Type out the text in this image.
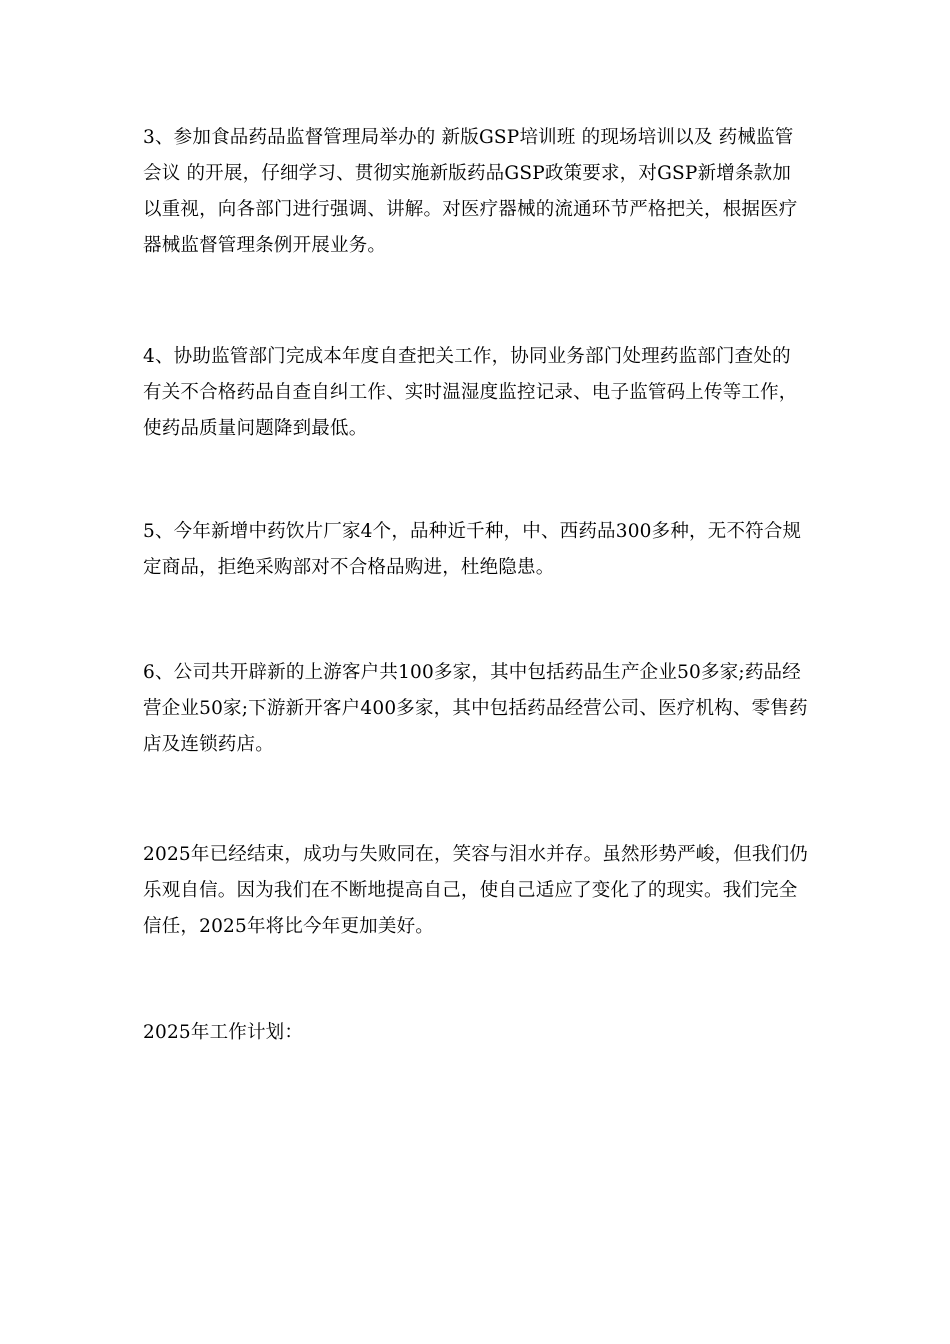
3、参加食品药品监督管理局举办的 新版GSP培训班 的现场培训以及 药械监管会议 的开展，仔细学习、贯彻实施新版药品GSP政策要求，对GSP新增条款加以重视，向各部门进行强调、讲解。对医疗器械的流通环节严格把关，根据医疗器械监督管理条例开展业务。

4、协助监管部门完成本年度自查把关工作，协同业务部门处理药监部门查处的有关不合格药品自查自纠工作、实时温湿度监控记录、电子监管码上传等工作，使药品质量问题降到最低。

5、今年新增中药饮片厂家4个，品种近千种，中、西药品300多种，无不符合规定商品，拒绝采购部对不合格品购进，杜绝隐患。

6、公司共开辟新的上游客户共100多家，其中包括药品生产企业50多家;药品经营企业50家;下游新开客户400多家，其中包括药品经营公司、医疗机构、零售药店及连锁药店。

2025年已经结束，成功与失败同在，笑容与泪水并存。虽然形势严峻，但我们仍乐观自信。因为我们在不断地提高自己，使自己适应了变化了的现实。我们完全信任，2025年将比今年更加美好。

2025年工作计划：
